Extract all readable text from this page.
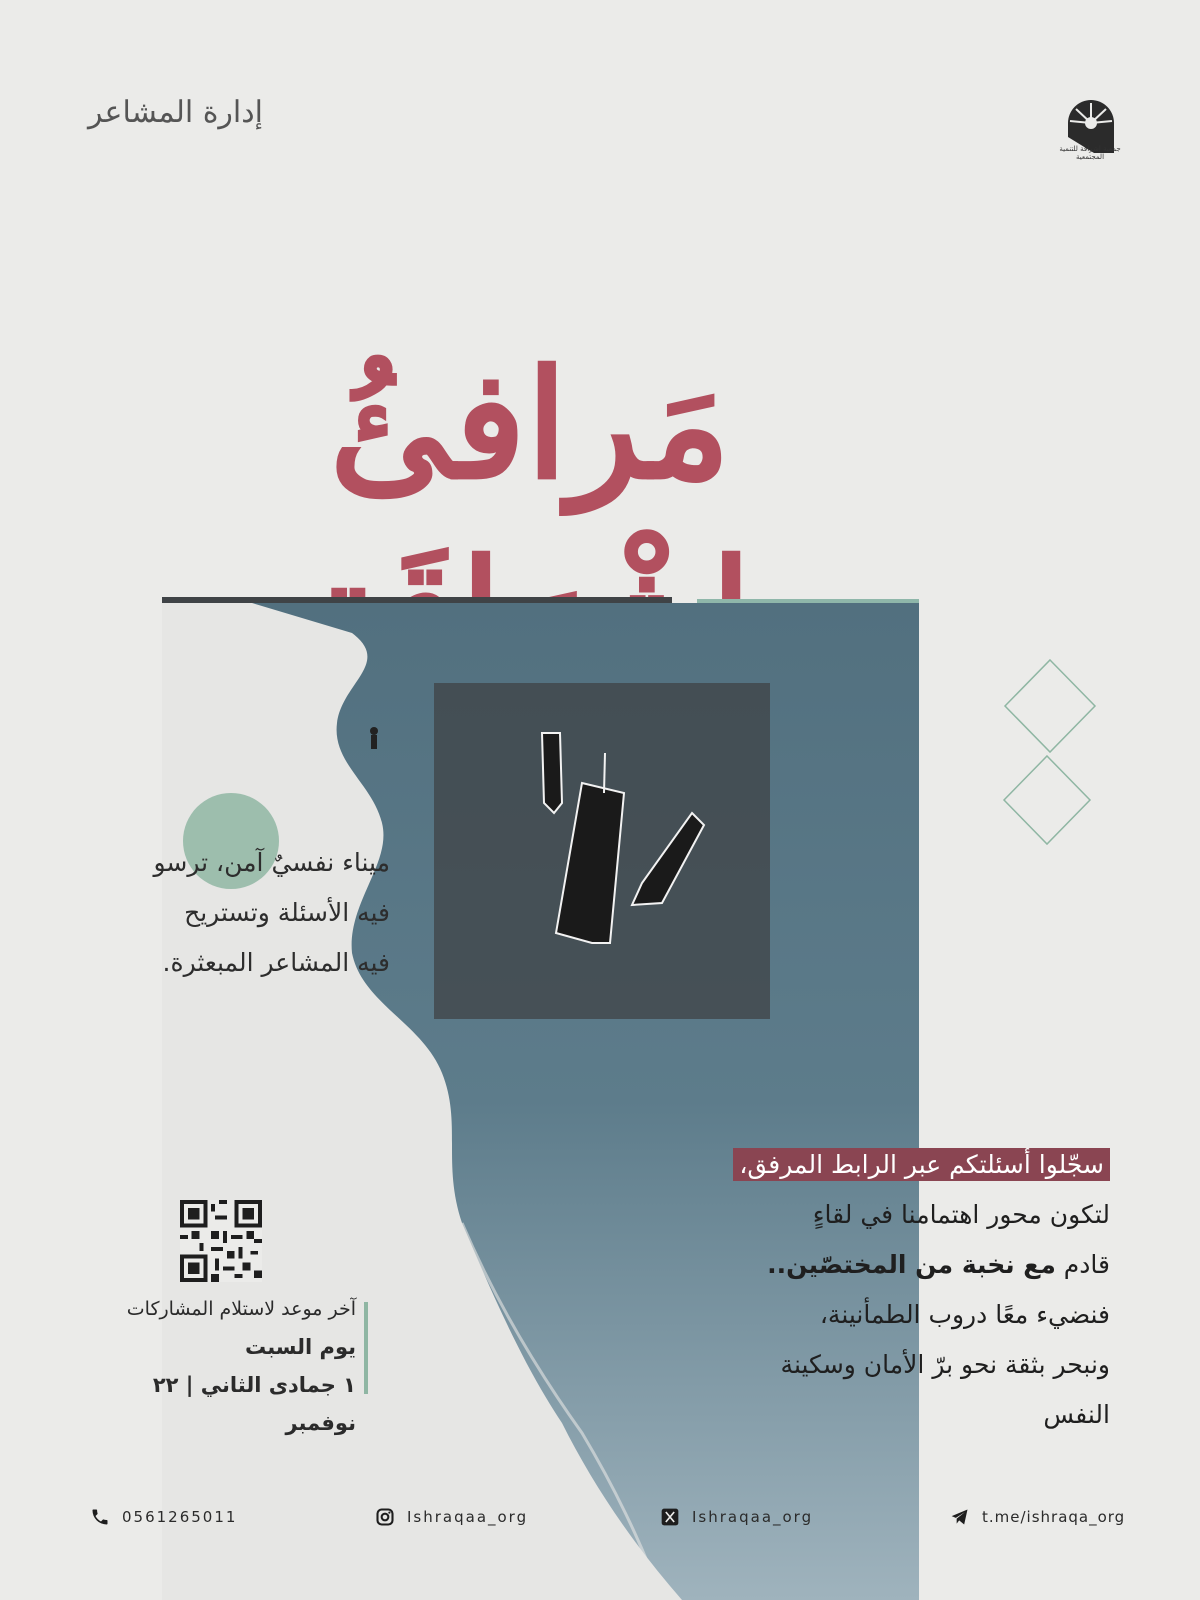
جمعية إشراقة للتنمية المجتمعية
إدارة المشاعر
مَرافئُ
ميناء نفسيٌ آمن، ترسو
فيه الأسئلة وتستريح
فيه المشاعر المبعثرة.
سجّلوا أسئلتكم عبر الرابط المرفق،
لتكون محور اهتمامنا في لقاءٍ
قادم مع نخبة من المختصّين..
فنضيء معًا دروب الطمأنينة،
ونبحر بثقة نحو برّ الأمان وسكينة
النفس
آخر موعد لاستلام المشاركات
يوم السبت
١ جمادى الثاني | ٢٢ نوفمبر
0561265011	Ishraqaa_org	Ishraqaa_org	t.me/ishraqa_org
